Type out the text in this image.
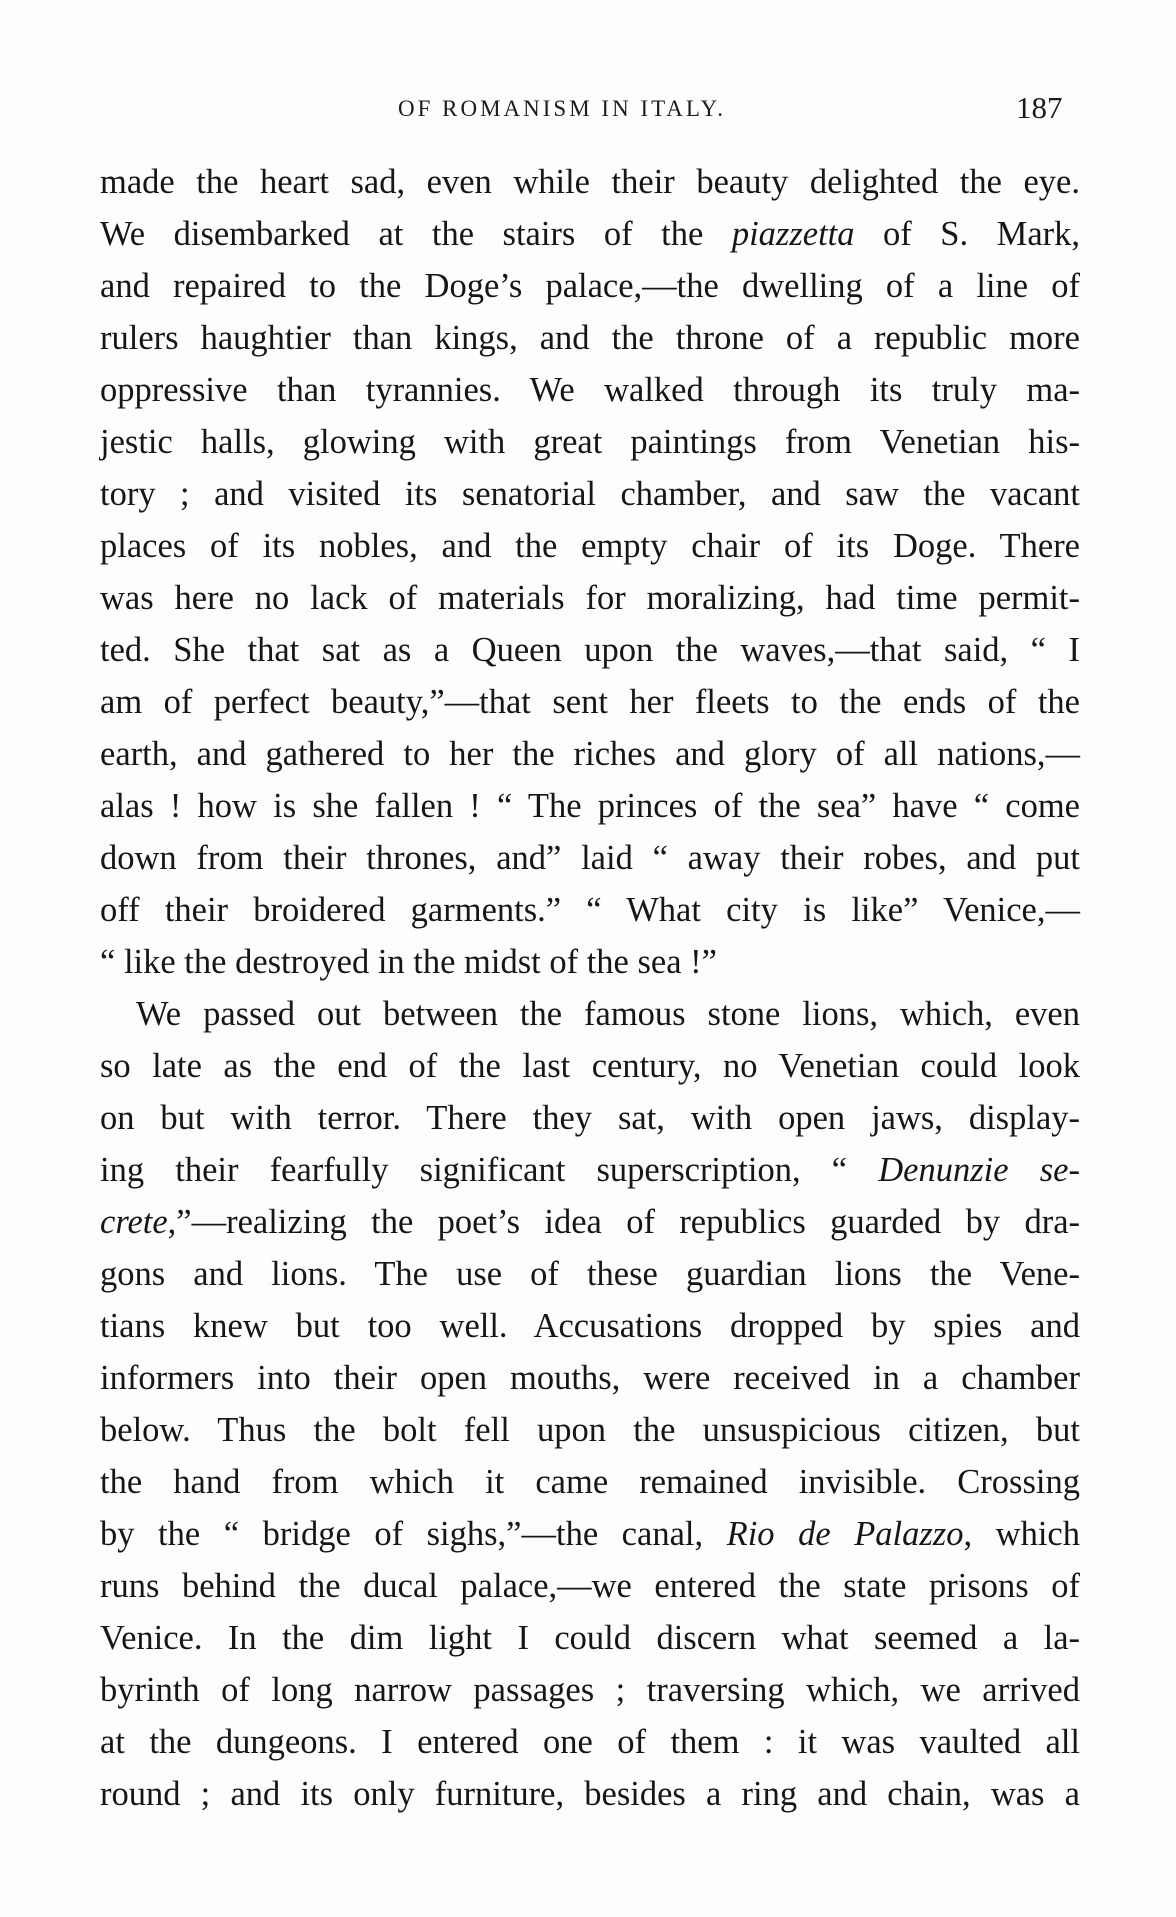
OF ROMANISM IN ITALY.	187
made the heart sad, even while their beauty delighted the eye.
We disembarked at the stairs of the piazzetta of S. Mark,
and repaired to the Doge’s palace,—the dwelling of a line of
rulers haughtier than kings, and the throne of a republic more
oppressive than tyrannies. We walked through its truly ma-
jestic halls, glowing with great paintings from Venetian his-
tory ; and visited its senatorial chamber, and saw the vacant
places of its nobles, and the empty chair of its Doge. There
was here no lack of materials for moralizing, had time permit-
ted. She that sat as a Queen upon the waves,—that said, “ I
am of perfect beauty,”—that sent her fleets to the ends of the
earth, and gathered to her the riches and glory of all nations,—
alas ! how is she fallen ! “ The princes of the sea” have “ come
down from their thrones, and” laid “ away their robes, and put
off their broidered garments.” “ What city is like” Venice,—
“ like the destroyed in the midst of the sea !”
We passed out between the famous stone lions, which, even
so late as the end of the last century, no Venetian could look
on but with terror. There they sat, with open jaws, display-
ing their fearfully significant superscription, “ Denunzie se-
crete,”—realizing the poet’s idea of republics guarded by dra-
gons and lions. The use of these guardian lions the Vene-
tians knew but too well. Accusations dropped by spies and
informers into their open mouths, were received in a chamber
below. Thus the bolt fell upon the unsuspicious citizen, but
the hand from which it came remained invisible. Crossing
by the “ bridge of sighs,”—the canal, Rio de Palazzo, which
runs behind the ducal palace,—we entered the state prisons of
Venice. In the dim light I could discern what seemed a la-
byrinth of long narrow passages ; traversing which, we arrived
at the dungeons. I entered one of them : it was vaulted all
round ; and its only furniture, besides a ring and chain, was a
